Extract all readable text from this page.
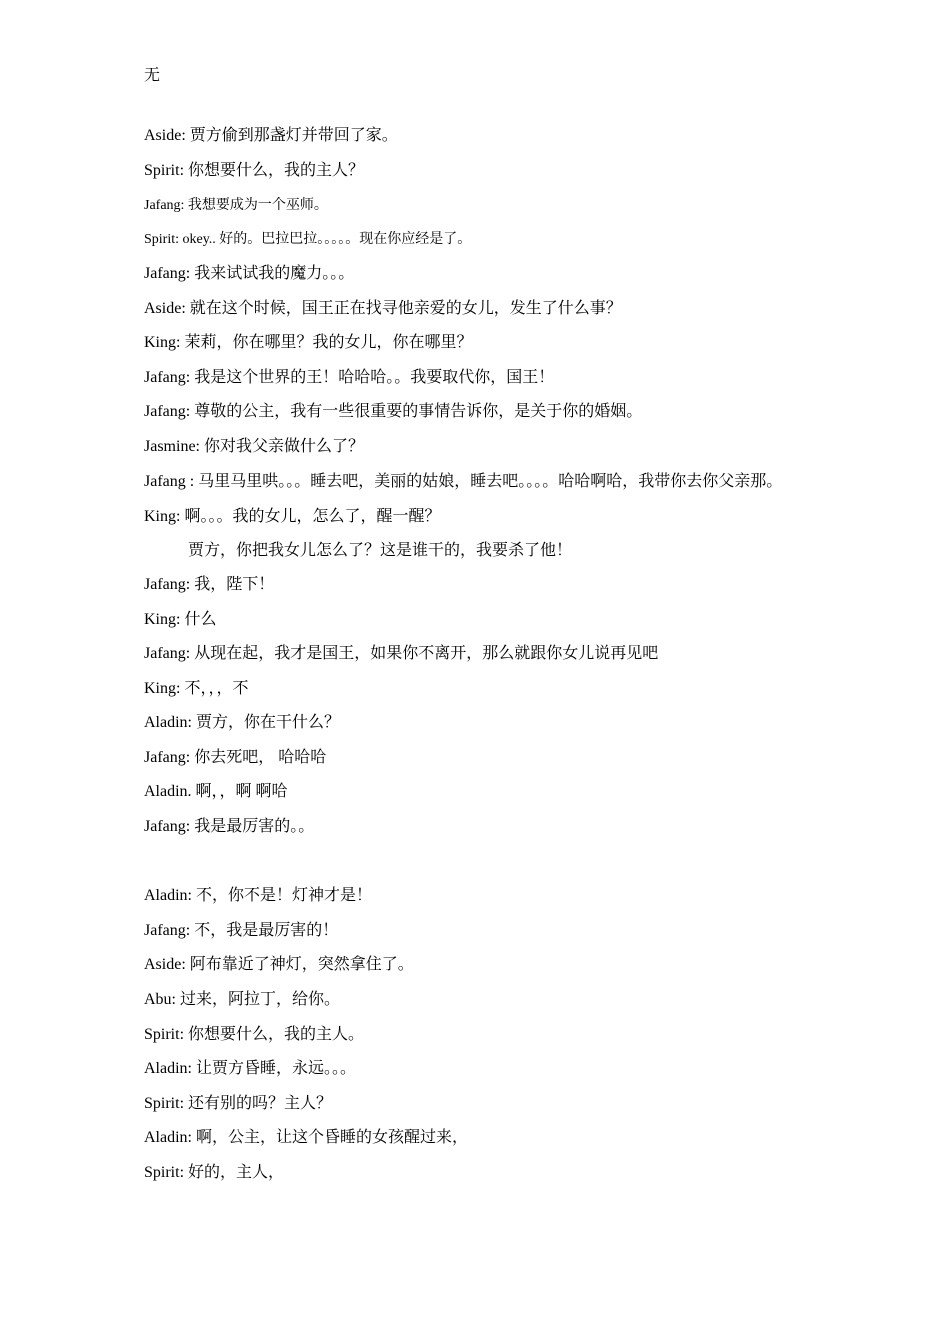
无
Aside: 贾方偷到那盏灯并带回了家。
Spirit: 你想要什么，我的主人？
Jafang: 我想要成为一个巫师。
Spirit: okey.. 好的。巴拉巴拉。。。。。现在你应经是了。
Jafang: 我来试试我的魔力。。。
Aside: 就在这个时候，国王正在找寻他亲爱的女儿，发生了什么事？
King: 茉莉，你在哪里？我的女儿，你在哪里？
Jafang: 我是这个世界的王！哈哈哈。。我要取代你，国王！
Jafang: 尊敬的公主，我有一些很重要的事情告诉你，是关于你的婚姻。
Jasmine: 你对我父亲做什么了？
Jafang : 马里马里哄。。。睡去吧，美丽的姑娘，睡去吧。。。。哈哈啊哈，我带你去你父亲那。
King: 啊。。。我的女儿，怎么了，醒一醒？
贾方，你把我女儿怎么了？这是谁干的，我要杀了他！
Jafang: 我，陛下！
King: 什么
Jafang: 从现在起，我才是国王，如果你不离开，那么就跟你女儿说再见吧
King: 不，，，不
Aladin: 贾方，你在干什么？
Jafang: 你去死吧， 哈哈哈
Aladin. 啊，，啊 啊哈
Jafang: 我是最厉害的。。
Aladin: 不，你不是！灯神才是！
Jafang: 不，我是最厉害的！
Aside: 阿布靠近了神灯，突然拿住了。
Abu: 过来，阿拉丁，给你。
Spirit: 你想要什么，我的主人。
Aladin: 让贾方昏睡，永远。。。
Spirit: 还有别的吗？主人？
Aladin: 啊，公主，让这个昏睡的女孩醒过来，
Spirit: 好的，主人，
